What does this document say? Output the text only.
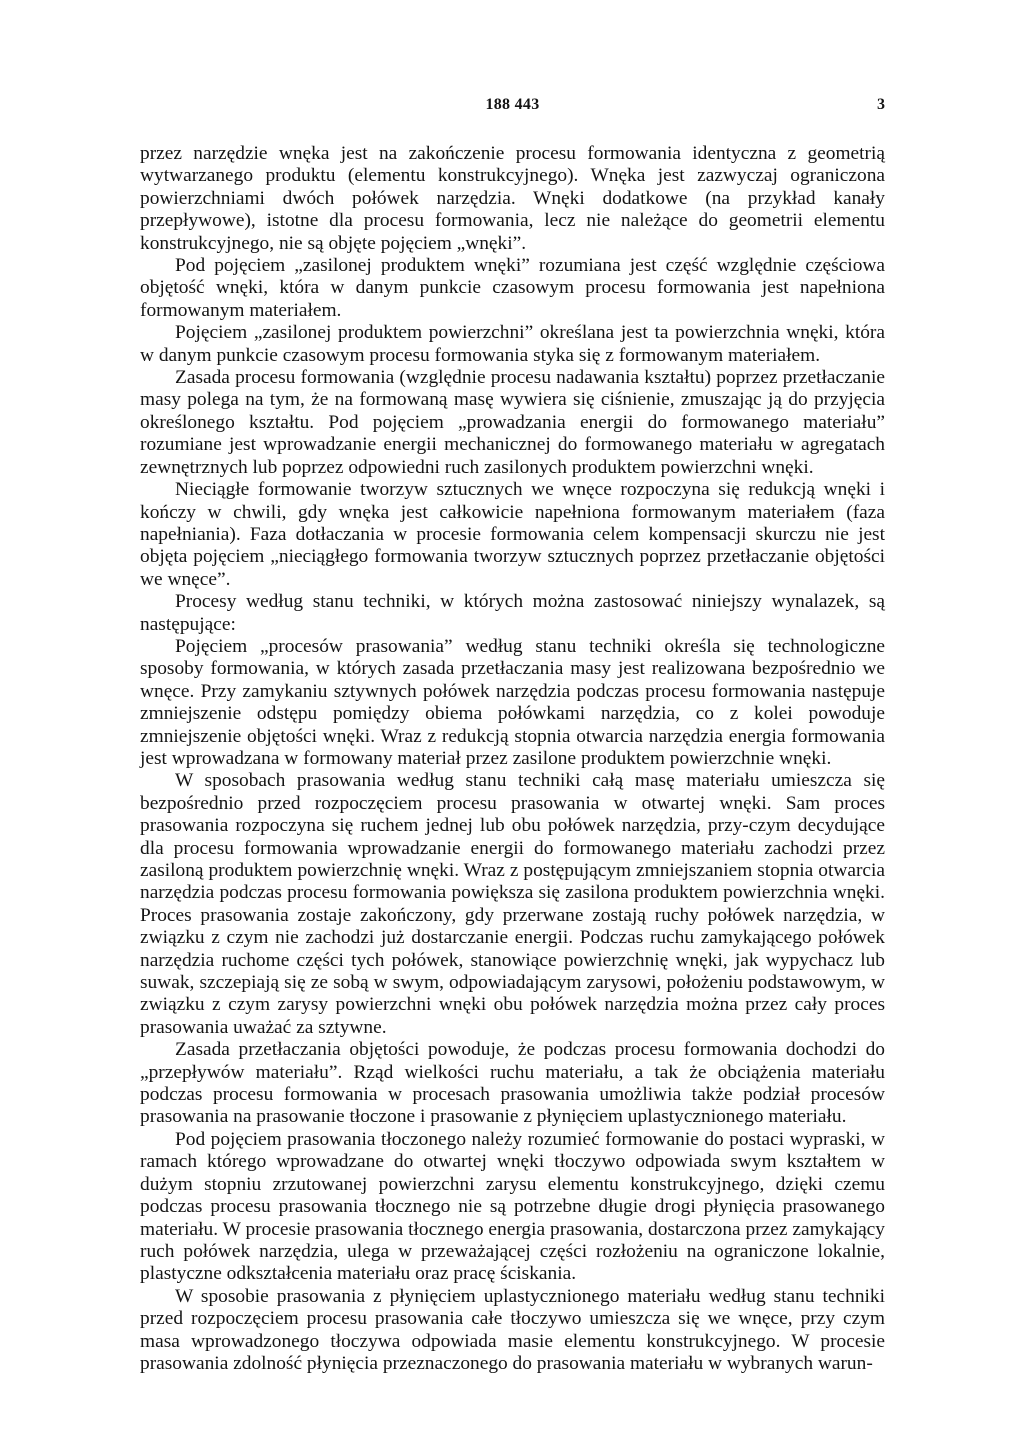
188 443	3

przez narzędzie wnęka jest na zakończenie procesu formowania identyczna z geometrią wytwarzanego produktu (elementu konstrukcyjnego). Wnęka jest zazwyczaj ograniczona powierzchniami dwóch połówek narzędzia. Wnęki dodatkowe (na przykład kanały przepływowe), istotne dla procesu formowania, lecz nie należące do geometrii elementu konstrukcyjnego, nie są objęte pojęciem „wnęki”.

Pod pojęciem „zasilonej produktem wnęki” rozumiana jest część względnie częściowa objętość wnęki, która w danym punkcie czasowym procesu formowania jest napełniona formowanym materiałem.

Pojęciem „zasilonej produktem powierzchni” określana jest ta powierzchnia wnęki, która w danym punkcie czasowym procesu formowania styka się z formowanym materiałem.

Zasada procesu formowania (względnie procesu nadawania kształtu) poprzez przetłaczanie masy polega na tym, że na formowaną masę wywiera się ciśnienie, zmuszając ją do przyjęcia określonego kształtu. Pod pojęciem „prowadzania energii do formowanego materiału” rozumiane jest wprowadzanie energii mechanicznej do formowanego materiału w agregatach zewnętrznych lub poprzez odpowiedni ruch zasilonych produktem powierzchni wnęki.

Nieciągłe formowanie tworzyw sztucznych we wnęce rozpoczyna się redukcją wnęki i kończy w chwili, gdy wnęka jest całkowicie napełniona formowanym materiałem (faza napełniania). Faza dotłaczania w procesie formowania celem kompensacji skurczu nie jest objęta pojęciem „nieciągłego formowania tworzyw sztucznych poprzez przetłaczanie objętości we wnęce”.

Procesy według stanu techniki, w których można zastosować niniejszy wynalazek, są następujące:

Pojęciem „procesów prasowania” według stanu techniki określa się technologiczne sposoby formowania, w których zasada przetłaczania masy jest realizowana bezpośrednio we wnęce. Przy zamykaniu sztywnych połówek narzędzia podczas procesu formowania następuje zmniejszenie odstępu pomiędzy obiema połówkami narzędzia, co z kolei powoduje zmniejszenie objętości wnęki. Wraz z redukcją stopnia otwarcia narzędzia energia formowania jest wprowadzana w formowany materiał przez zasilone produktem powierzchnie wnęki.

W sposobach prasowania według stanu techniki całą masę materiału umieszcza się bezpośrednio przed rozpoczęciem procesu prasowania w otwartej wnęki. Sam proces prasowania rozpoczyna się ruchem jednej lub obu połówek narzędzia, przy-czym decydujące dla procesu formowania wprowadzanie energii do formowanego materiału zachodzi przez zasiloną produktem powierzchnię wnęki. Wraz z postępującym zmniejszaniem stopnia otwarcia narzędzia podczas procesu formowania powiększa się zasilona produktem powierzchnia wnęki. Proces prasowania zostaje zakończony, gdy przerwane zostają ruchy połówek narzędzia, w związku z czym nie zachodzi już dostarczanie energii. Podczas ruchu zamykającego połówek narzędzia ruchome części tych połówek, stanowiące powierzchnię wnęki, jak wypychacz lub suwak, szczepiają się ze sobą w swym, odpowiadającym zarysowi, położeniu podstawowym, w związku z czym zarysy powierzchni wnęki obu połówek narzędzia można przez cały proces prasowania uważać za sztywne.

Zasada przetłaczania objętości powoduje, że podczas procesu formowania dochodzi do „przepływów materiału”. Rząd wielkości ruchu materiału, a tak że obciążenia materiału podczas procesu formowania w procesach prasowania umożliwia także podział procesów prasowania na prasowanie tłoczone i prasowanie z płynięciem uplastycznionego materiału.

Pod pojęciem prasowania tłoczonego należy rozumieć formowanie do postaci wypraski, w ramach którego wprowadzane do otwartej wnęki tłoczywo odpowiada swym kształtem w dużym stopniu zrzutowanej powierzchni zarysu elementu konstrukcyjnego, dzięki czemu podczas procesu prasowania tłocznego nie są potrzebne długie drogi płynięcia prasowanego materiału. W procesie prasowania tłocznego energia prasowania, dostarczona przez zamykający ruch połówek narzędzia, ulega w przeważającej części rozłożeniu na ograniczone lokalnie, plastyczne odkształcenia materiału oraz pracę ściskania.

W sposobie prasowania z płynięciem uplastycznionego materiału według stanu techniki przed rozpoczęciem procesu prasowania całe tłoczywo umieszcza się we wnęce, przy czym masa wprowadzonego tłoczywa odpowiada masie elementu konstrukcyjnego. W procesie prasowania zdolność płynięcia przeznaczonego do prasowania materiału w wybranych warun-
